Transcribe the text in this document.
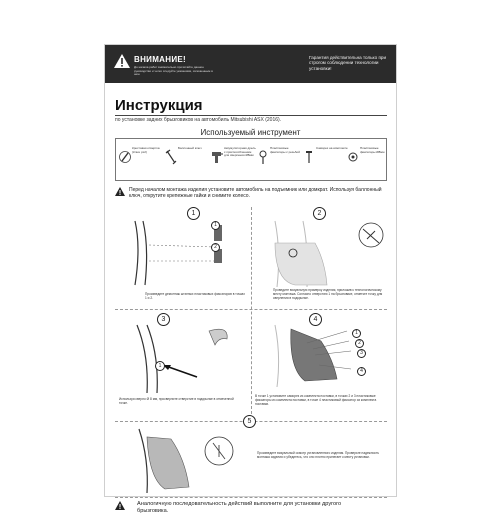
ВНИМАНИЕ!
До начала работ внимательно прочитайте данное руководство и четко следуйте указаниям, изложенным в нем.
Гарантия действительна только при строгом соблюдении технологии установки!
Инструкция
по установке задних брызговиков на автомобиль Mitsubishi ASX (2016).
Используемый инструмент
Крестовая отвертка (Ключ рх2)
Баллонный ключ	Аккумуляторная дрель с приспособлением для сверления Ø8мм
Пластиковые фиксаторы с резьбой
Саморез на комплекте	Пластиковые фиксаторы Ø8мм
Перед началом монтажа изделия установите автомобиль на подъемник или домкрат. Используя баллонный ключ, открутите крепежные гайки и снимите колесо.
1
1
2
Произведите демонтаж штатных пластиковых фиксаторов в точках 1 и 2.
2
Проведите визуальную примерку изделия, приложив к технологическому месту монтажа. Согласно отверстию 1 на брызговике, отметьте точку для сверления в подкрылке.
3
1
Используя сверло Ø 8 мм, просверлите отверстие в подкрылке в отмеченной точке.
4
1
2
3
4
В точке 1 установите саморез из комплекта поставки, в точках 2 и 3 пластиковые фиксаторы из комплекта поставки, в точке 4 пластиковый фиксатор из комплекта поставки.
5
Произведите визуальный осмотр установленного изделия. Проверьте надежность монтажа изделия и убедитесь, что оно плотно прилегает к месту установки.
Аналогичную последовательность действий выполните для установки другого брызговика.
